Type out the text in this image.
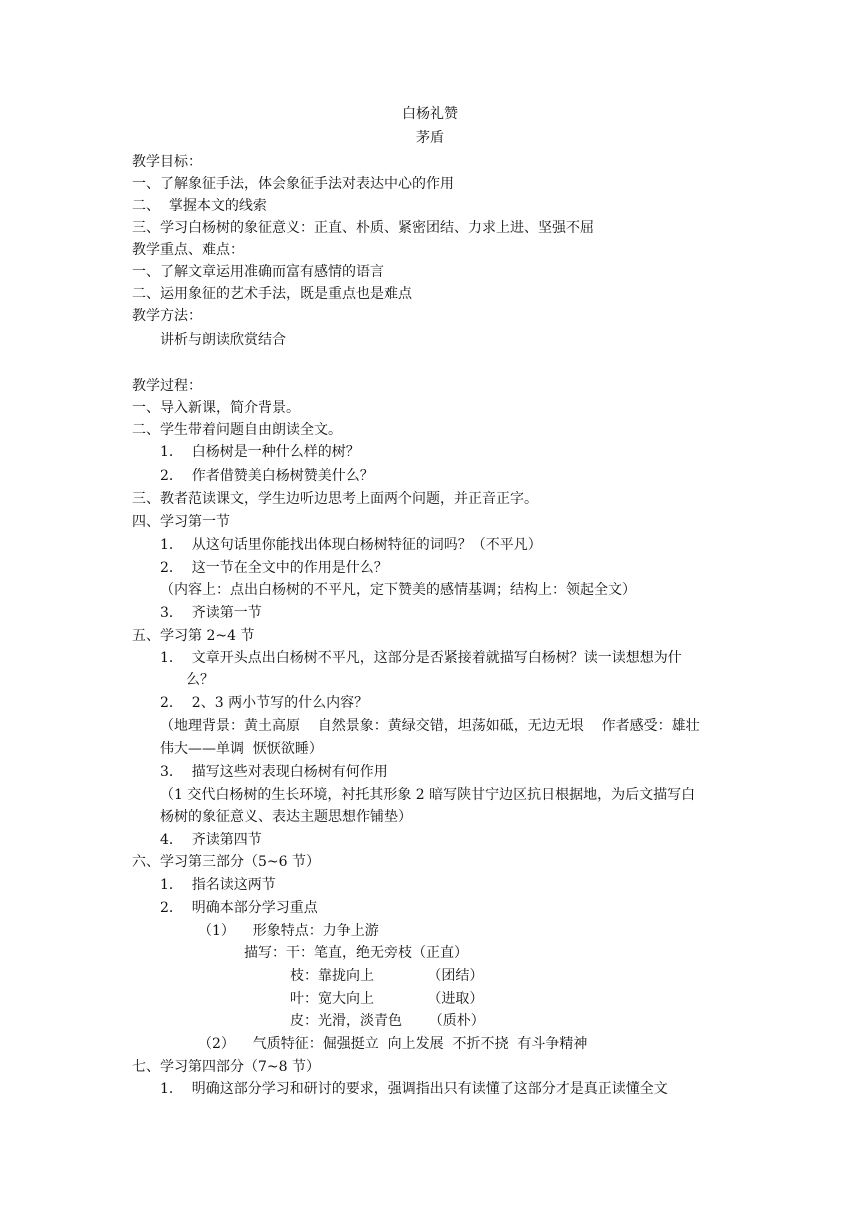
白杨礼赞
茅盾
教学目标：
一、了解象征手法，体会象征手法对表达中心的作用
二、  掌握本文的线索
三、学习白杨树的象征意义：正直、朴质、紧密团结、力求上进、坚强不屈
教学重点、难点：
一、了解文章运用准确而富有感情的语言
二、运用象征的艺术手法，既是重点也是难点
教学方法：
讲析与朗读欣赏结合
教学过程：
一、导入新课，简介背景。
二、学生带着问题自由朗读全文。
1．  白杨树是一种什么样的树？
2．  作者借赞美白杨树赞美什么？
三、教者范读课文，学生边听边思考上面两个问题，并正音正字。
四、学习第一节
1．  从这句话里你能找出体现白杨树特征的词吗？（不平凡）
2．  这一节在全文中的作用是什么？
（内容上：点出白杨树的不平凡，定下赞美的感情基调；结构上：领起全文）
3．  齐读第一节
五、学习第 2~4 节
1．  文章开头点出白杨树不平凡，这部分是否紧接着就描写白杨树？读一读想想为什
么？
2．  2、3 两小节写的什么内容？
（地理背景：黄土高原    自然景象：黄绿交错，坦荡如砥，无边无垠    作者感受：雄壮
伟大——单调  恹恹欲睡）
3．  描写这些对表现白杨树有何作用
（1 交代白杨树的生长环境，衬托其形象 2 暗写陕甘宁边区抗日根据地，为后文描写白
杨树的象征意义、表达主题思想作铺垫）
4．  齐读第四节
六、学习第三部分（5~6 节）
1．  指名读这两节
2．  明确本部分学习重点
（1）    形象特点：力争上游
描写：干：笔直，绝无旁枝（正直）
枝：靠拢向上            （团结）
叶：宽大向上            （进取）
皮：光滑，淡青色      （质朴）
（2）    气质特征：倔强挺立  向上发展  不折不挠  有斗争精神
七、学习第四部分（7~8 节）
1．  明确这部分学习和研讨的要求，强调指出只有读懂了这部分才是真正读懂全文
